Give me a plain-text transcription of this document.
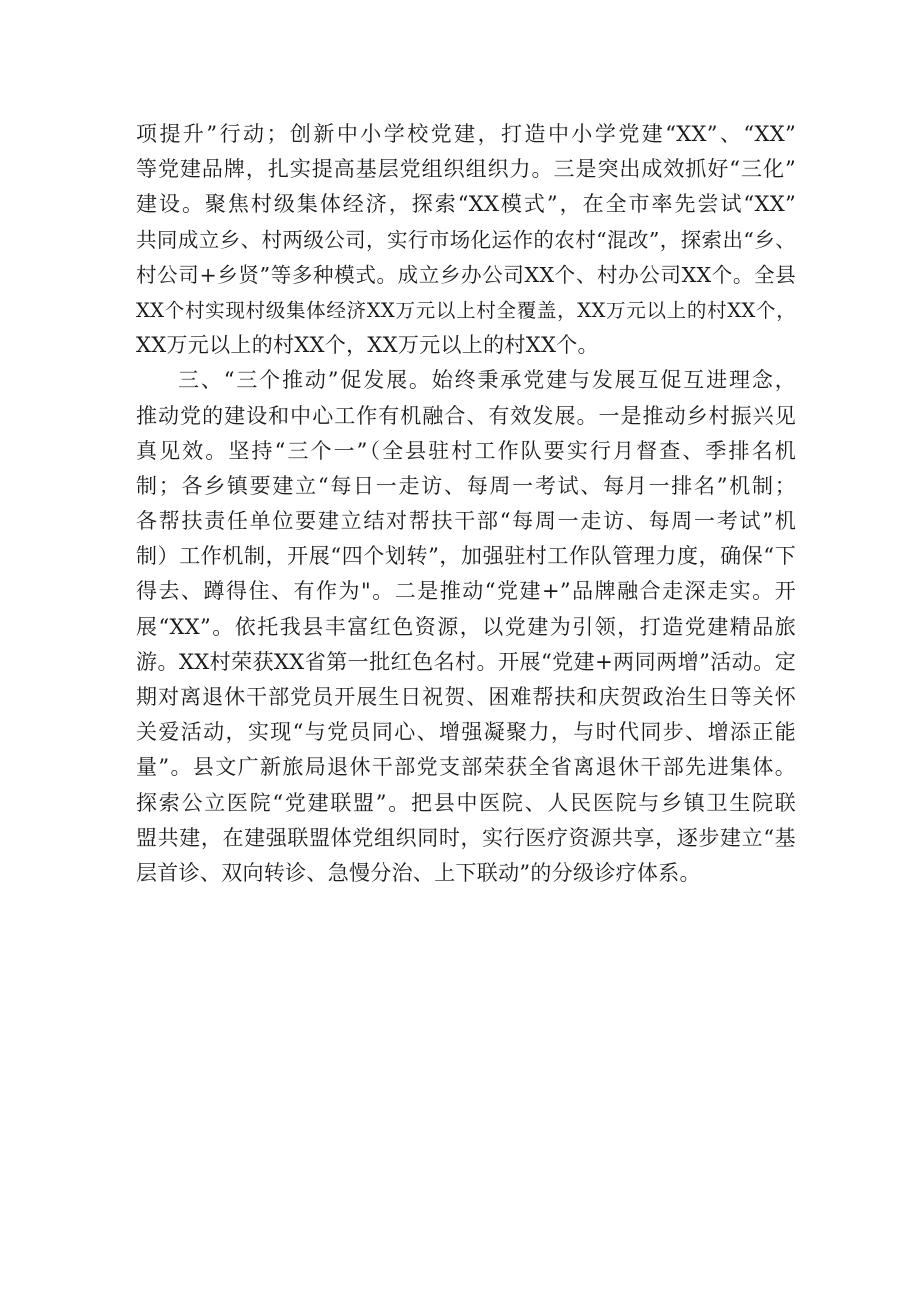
项提升”行动；创新中小学校党建，打造中小学党建“XX”、“XX”
等党建品牌，扎实提高基层党组织组织力。三是突出成效抓好“三化”
建设。聚焦村级集体经济，探索“XX模式”，在全市率先尝试“XX”
共同成立乡、村两级公司，实行市场化运作的农村“混改”，探索出“乡、
村公司+乡贤”等多种模式。成立乡办公司XX个、村办公司XX个。全县
XX个村实现村级集体经济XX万元以上村全覆盖，XX万元以上的村XX个，
XX万元以上的村XX个，XX万元以上的村XX个。
三、“三个推动”促发展。始终秉承党建与发展互促互进理念，
推动党的建设和中心工作有机融合、有效发展。一是推动乡村振兴见
真见效。坚持“三个一”（全县驻村工作队要实行月督查、季排名机
制；各乡镇要建立“每日一走访、每周一考试、每月一排名”机制；
各帮扶责任单位要建立结对帮扶干部“每周一走访、每周一考试”机
制）工作机制，开展“四个划转”，加强驻村工作队管理力度，确保“下
得去、蹲得住、有作为"。二是推动“党建+”品牌融合走深走实。开
展“XX”。依托我县丰富红色资源，以党建为引领，打造党建精品旅
游。XX村荣获XX省第一批红色名村。开展“党建+两同两增”活动。定
期对离退休干部党员开展生日祝贺、困难帮扶和庆贺政治生日等关怀
关爱活动，实现“与党员同心、增强凝聚力，与时代同步、增添正能
量”。县文广新旅局退休干部党支部荣获全省离退休干部先进集体。
探索公立医院“党建联盟”。把县中医院、人民医院与乡镇卫生院联
盟共建，在建强联盟体党组织同时，实行医疗资源共享，逐步建立“基
层首诊、双向转诊、急慢分治、上下联动”的分级诊疗体系。
